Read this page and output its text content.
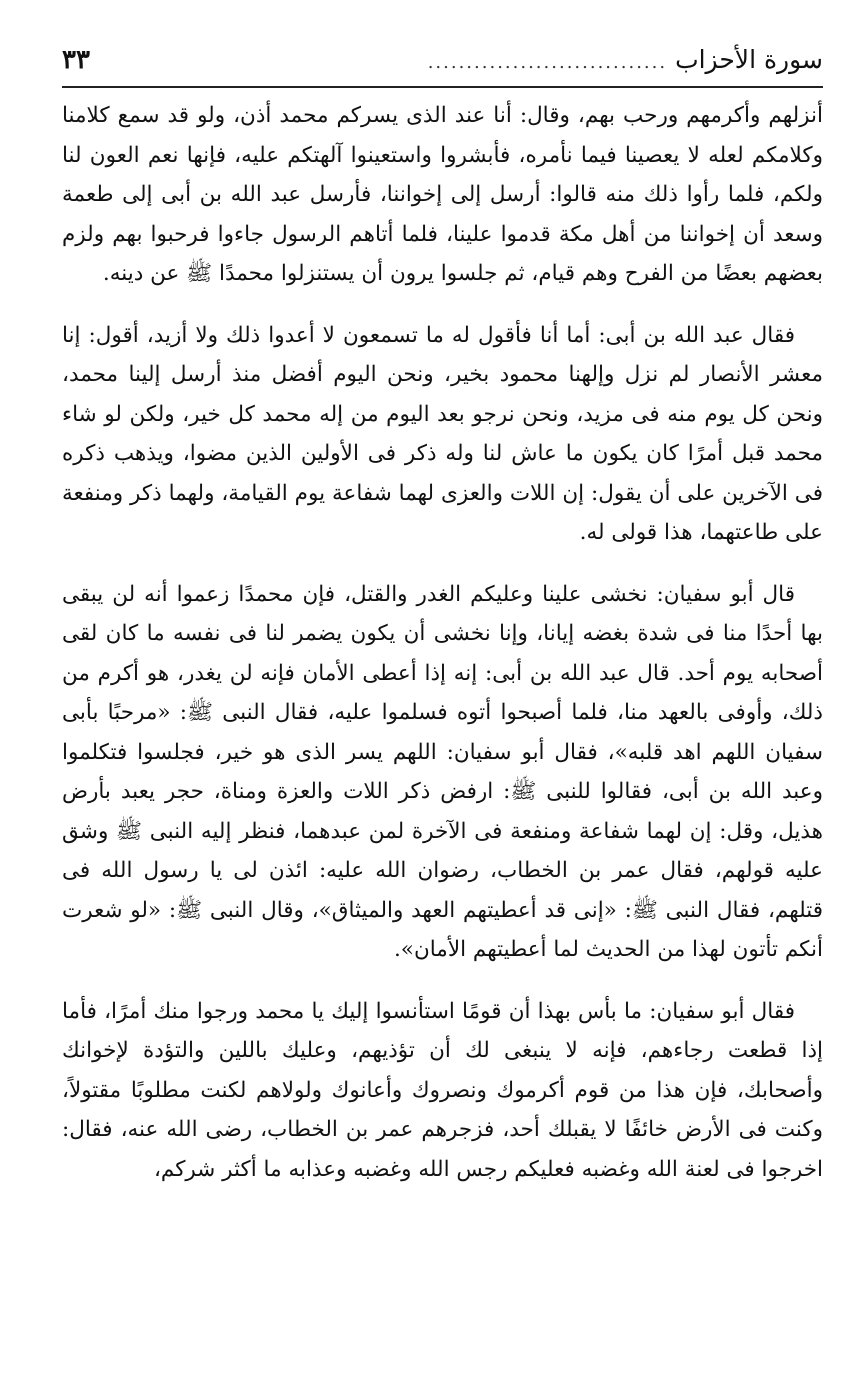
سورة الأحزاب
...............................
٣٣

أنزلهم وأكرمهم ورحب بهم، وقال: أنا عند الذى يسركم محمد أذن، ولو قد سمع كلامنا وكلامكم لعله لا يعصينا فيما نأمره، فأبشروا واستعينوا آلهتكم عليه، فإنها نعم العون لنا ولكم، فلما رأوا ذلك منه قالوا: أرسل إلى إخواننا، فأرسل عبد الله بن أبى إلى طعمة وسعد أن إخواننا من أهل مكة قدموا علينا، فلما أتاهم الرسول جاءوا فرحبوا بهم ولزم بعضهم بعضًا من الفرح وهم قيام، ثم جلسوا يرون أن يستنزلوا محمدًا ﷺ عن دينه.

فقال عبد الله بن أبى: أما أنا فأقول له ما تسمعون لا أعدوا ذلك ولا أزيد، أقول: إنا معشر الأنصار لم نزل وإلهنا محمود بخير، ونحن اليوم أفضل منذ أرسل إلينا محمد، ونحن كل يوم منه فى مزيد، ونحن نرجو بعد اليوم من إله محمد كل خير، ولكن لو شاء محمد قبل أمرًا كان يكون ما عاش لنا وله ذكر فى الأولين الذين مضوا، ويذهب ذكره فى الآخرين على أن يقول: إن اللات والعزى لهما شفاعة يوم القيامة، ولهما ذكر ومنفعة على طاعتهما، هذا قولى له.

قال أبو سفيان: نخشى علينا وعليكم الغدر والقتل، فإن محمدًا زعموا أنه لن يبقى بها أحدًا منا فى شدة بغضه إيانا، وإنا نخشى أن يكون يضمر لنا فى نفسه ما كان لقى أصحابه يوم أحد. قال عبد الله بن أبى: إنه إذا أعطى الأمان فإنه لن يغدر، هو أكرم من ذلك، وأوفى بالعهد منا، فلما أصبحوا أتوه فسلموا عليه، فقال النبى ﷺ: «مرحبًا بأبى سفيان اللهم اهد قلبه»، فقال أبو سفيان: اللهم يسر الذى هو خير، فجلسوا فتكلموا وعبد الله بن أبى، فقالوا للنبى ﷺ: ارفض ذكر اللات والعزة ومناة، حجر يعبد بأرض هذيل، وقل: إن لهما شفاعة ومنفعة فى الآخرة لمن عبدهما، فنظر إليه النبى ﷺ وشق عليه قولهم، فقال عمر بن الخطاب، رضوان الله عليه: ائذن لى يا رسول الله فى قتلهم، فقال النبى ﷺ: «إنى قد أعطيتهم العهد والميثاق»، وقال النبى ﷺ: «لو شعرت أنكم تأتون لهذا من الحديث لما أعطيتهم الأمان».

فقال أبو سفيان: ما بأس بهذا أن قومًا استأنسوا إليك يا محمد ورجوا منك أمرًا، فأما إذا قطعت رجاءهم، فإنه لا ينبغى لك أن تؤذيهم، وعليك باللين والتؤدة لإخوانك وأصحابك، فإن هذا من قوم أكرموك ونصروك وأعانوك ولولاهم لكنت مطلوبًا مقتولاً، وكنت فى الأرض خائفًا لا يقبلك أحد، فزجرهم عمر بن الخطاب، رضى الله عنه، فقال: اخرجوا فى لعنة الله وغضبه فعليكم رجس الله وغضبه وعذابه ما أكثر شركم،
